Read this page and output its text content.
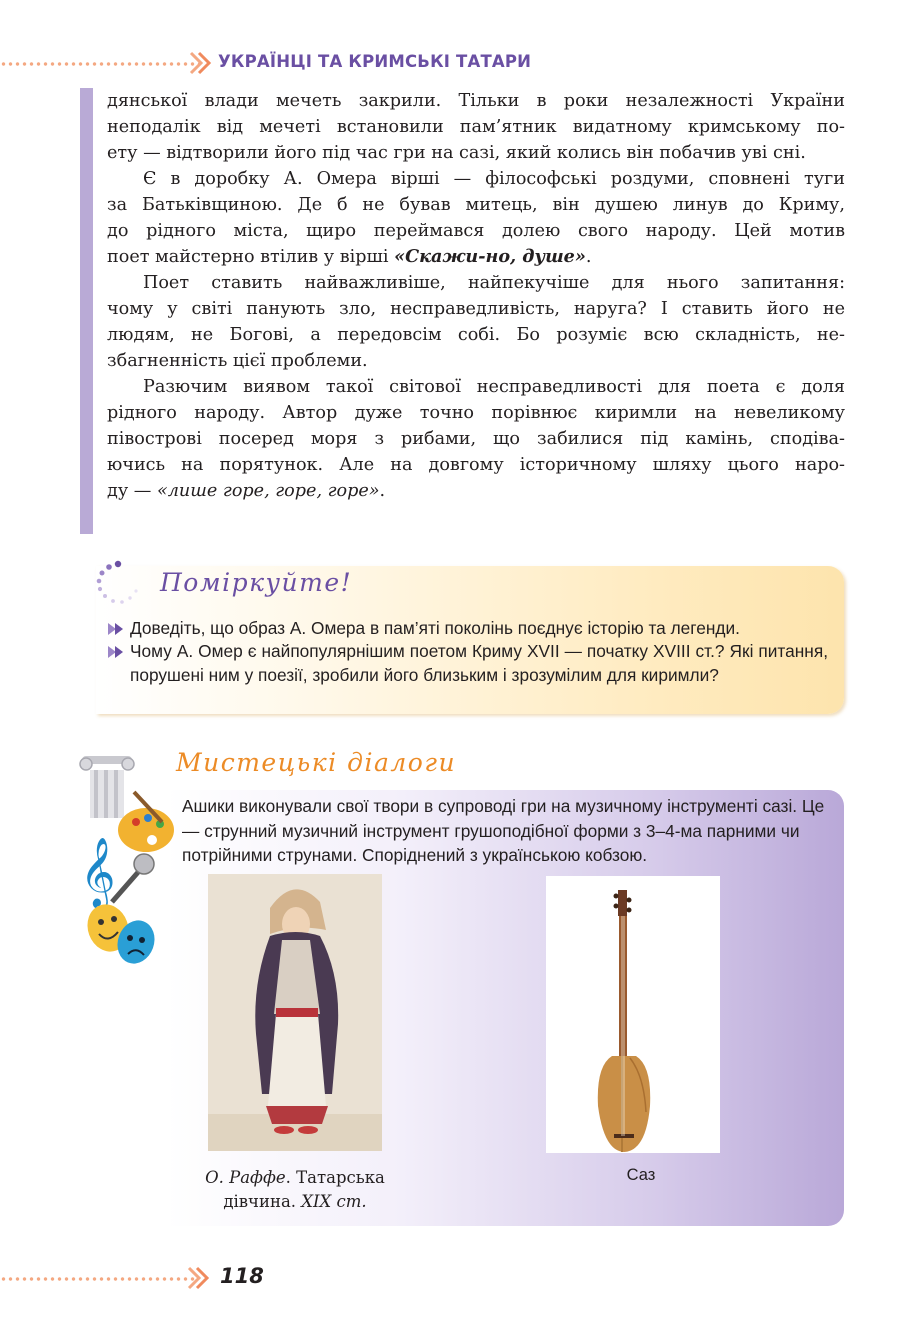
УКРАЇНЦІ ТА КРИМСЬКІ ТАТАРИ

дянської влади мечеть закрили. Тільки в роки незалежності України
неподалік від мечеті встановили пам’ятник видатному кримському по-
ету — відтворили його під час гри на сазі, який колись він побачив уві сні.

Є в доробку А. Омера вірші — філософські роздуми, сповнені туги
за Батьківщиною. Де б не бував митець, він душею линув до Криму,
до рідного міста, щиро переймався долею свого народу. Цей мотив
поет майстерно втілив у вірші «Скажи-но, душе».

Поет ставить найважливіше, найпекучіше для нього запитання:
чому у світі панують зло, несправедливість, наруга? І ставить його не
людям, не Богові, а передовсім собі. Бо розуміє всю складність, не-
збагненність цієї проблеми.

Разючим виявом такої світової несправедливості для поета є доля
рідного народу. Автор дуже точно порівнює киримли на невеликому
півострові посеред моря з рибами, що забилися під камінь, сподіва-
ючись на порятунок. Але на довгому історичному шляху цього наро-
ду — «лише горе, горе, горе».

Поміркуйте!
Доведіть, що образ А. Омера в пам’яті поколінь поєднує історію та легенди.
Чому А. Омер є найпопулярнішим поетом Криму XVII — початку XVIII ст.? Які питання, порушені ним у поезії, зробили його близьким і зрозумілим для киримли?
Мистецькі діалоги
𝄞
Ашики виконували свої твори в супроводі гри на музичному інструменті сазі. Це — струнний музичний інструмент грушоподібної форми з 3–4-ма парними чи потрійними струнами. Споріднений з українською кобзою.
О. Раффе. Татарська дівчина. XIX ст.
Саз
118
